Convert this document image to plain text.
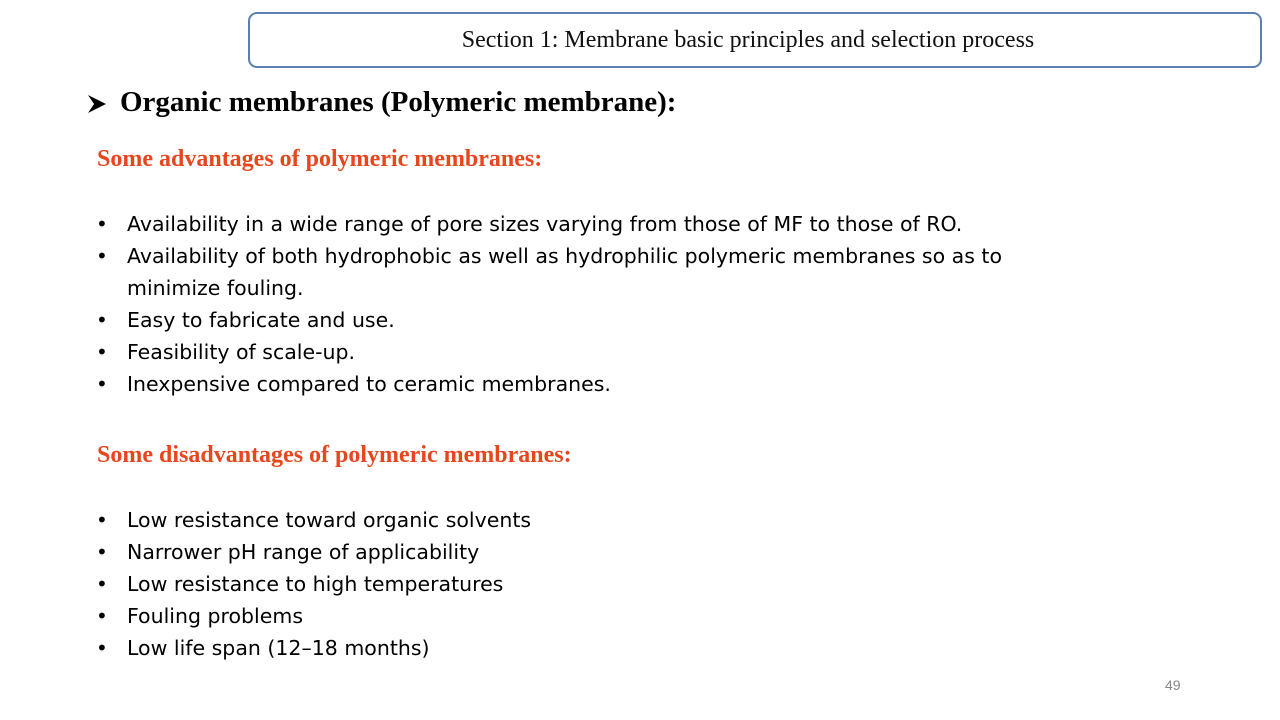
Section 1: Membrane basic principles and selection process
Organic membranes (Polymeric membrane):
Some advantages of polymeric membranes:
• Availability in a wide range of pore sizes varying from those of MF to those of RO.
• Availability of both hydrophobic as well as hydrophilic polymeric membranes so as to minimize fouling.
• Easy to fabricate and use.
• Feasibility of scale-up.
• Inexpensive compared to ceramic membranes.
Some disadvantages of polymeric membranes:
• Low resistance toward organic solvents
• Narrower pH range of applicability
• Low resistance to high temperatures
• Fouling problems
• Low life span (12–18 months)
49
